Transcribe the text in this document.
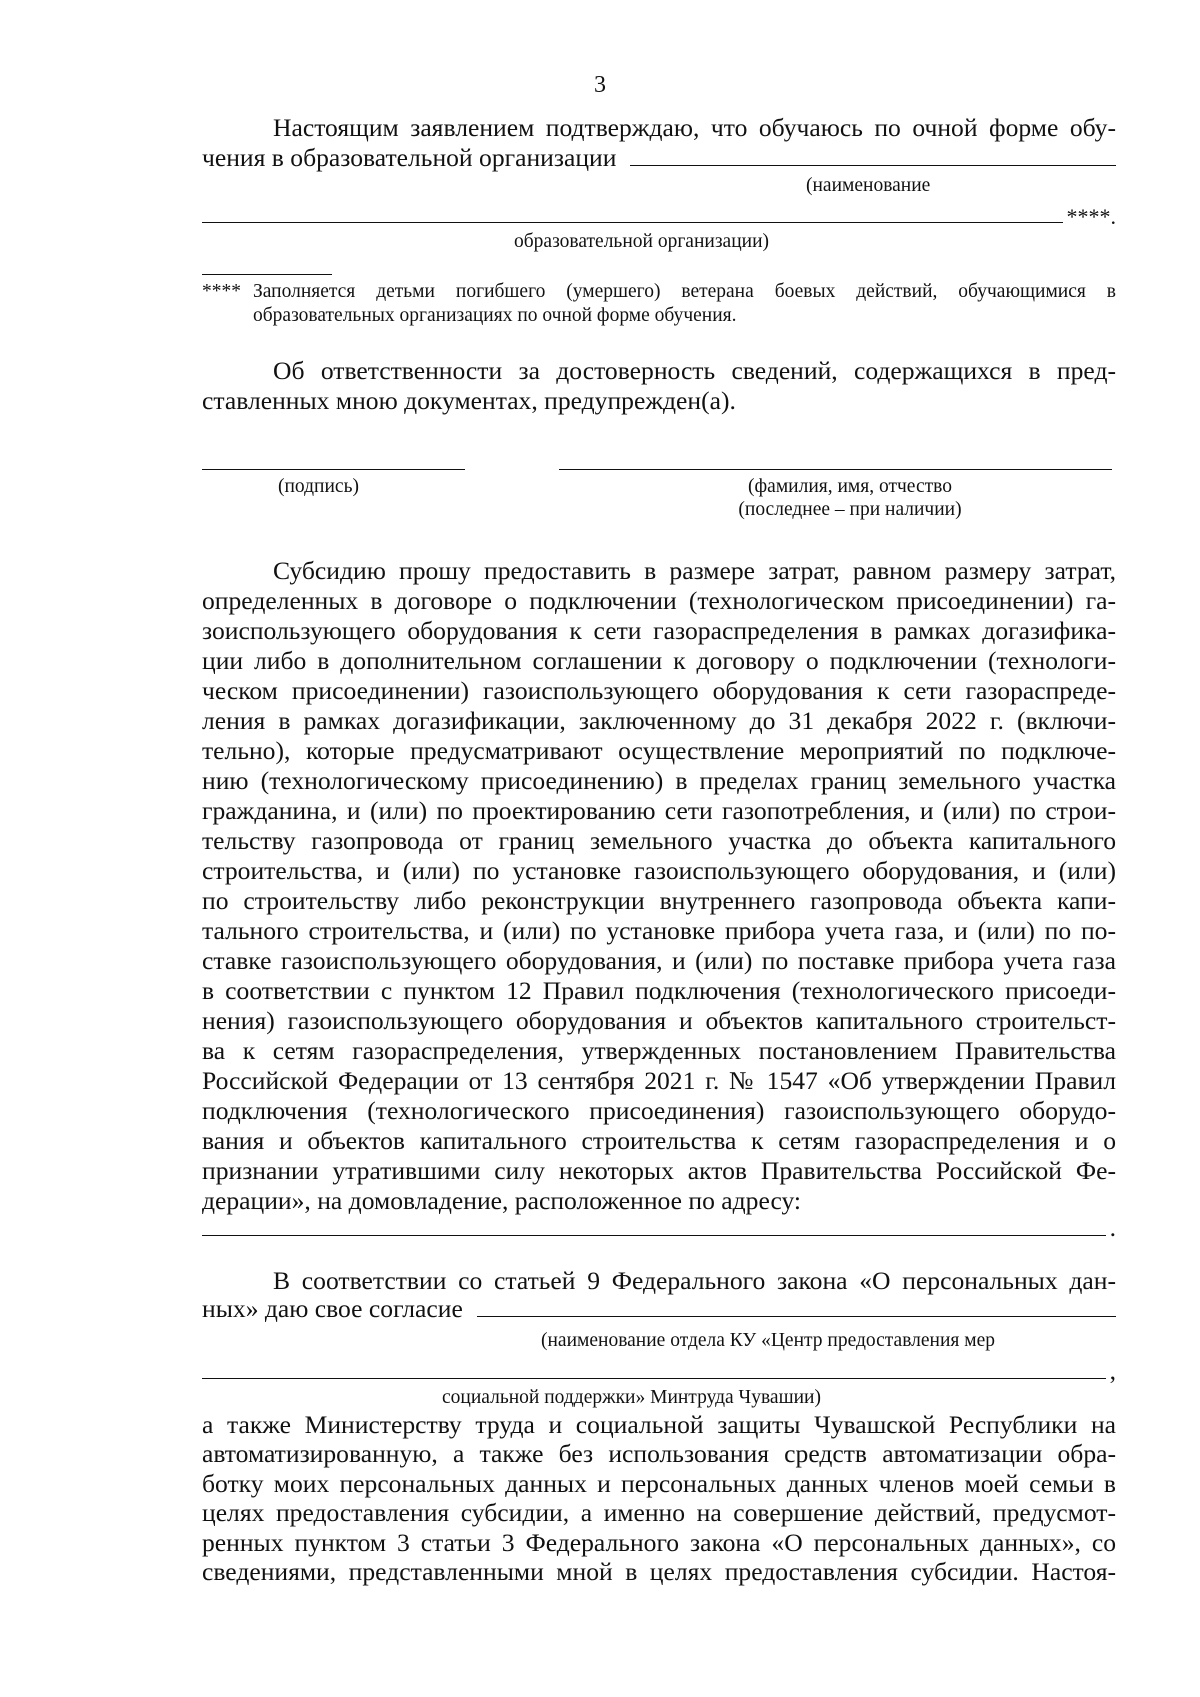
3
Настоящим заявлением подтверждаю, что обучаюсь по очной форме обу-
чения в образовательной организации
(наименование
****.
образовательной организации)
**** Заполняется детьми погибшего (умершего) ветерана боевых действий, обучающимися в
образовательных организациях по очной форме обучения.
Об ответственности за достоверность сведений, содержащихся в пред-
ставленных мною документах, предупрежден(а).
(подпись)	(фамилия, имя, отчество
(последнее – при наличии)
Субсидию прошу предоставить в размере затрат, равном размеру затрат,
определенных в договоре о подключении (технологическом присоединении) га-
зоиспользующего оборудования к сети газораспределения в рамках догазифика-
ции либо в дополнительном соглашении к договору о подключении (технологи-
ческом присоединении) газоиспользующего оборудования к сети газораспреде-
ления в рамках догазификации, заключенному до 31 декабря 2022 г. (включи-
тельно), которые предусматривают осуществление мероприятий по подключе-
нию (технологическому присоединению) в пределах границ земельного участка
гражданина, и (или) по проектированию сети газопотребления, и (или) по строи-
тельству газопровода от границ земельного участка до объекта капитального
строительства, и (или) по установке газоиспользующего оборудования, и (или)
по строительству либо реконструкции внутреннего газопровода объекта капи-
тального строительства, и (или) по установке прибора учета газа, и (или) по по-
ставке газоиспользующего оборудования, и (или) по поставке прибора учета газа
в соответствии с пунктом 12 Правил подключения (технологического присоеди-
нения) газоиспользующего оборудования и объектов капитального строительст-
ва к сетям газораспределения, утвержденных постановлением Правительства
Российской Федерации от 13 сентября 2021 г. № 1547 «Об утверждении Правил
подключения (технологического присоединения) газоиспользующего оборудо-
вания и объектов капитального строительства к сетям газораспределения и о
признании утратившими силу некоторых актов Правительства Российской Фе-
дерации», на домовладение, расположенное по адресу:
.
В соответствии со статьей 9 Федерального закона «О персональных дан-
ных» даю свое согласие
(наименование отдела КУ «Центр предоставления мер
,
социальной поддержки» Минтруда Чувашии)
а также Министерству труда и социальной защиты Чувашской Республики на
автоматизированную, а также без использования средств автоматизации обра-
ботку моих персональных данных и персональных данных членов моей семьи в
целях предоставления субсидии, а именно на совершение действий, предусмот-
ренных пунктом 3 статьи 3 Федерального закона «О персональных данных», со
сведениями, представленными мной в целях предоставления субсидии. Настоя-
